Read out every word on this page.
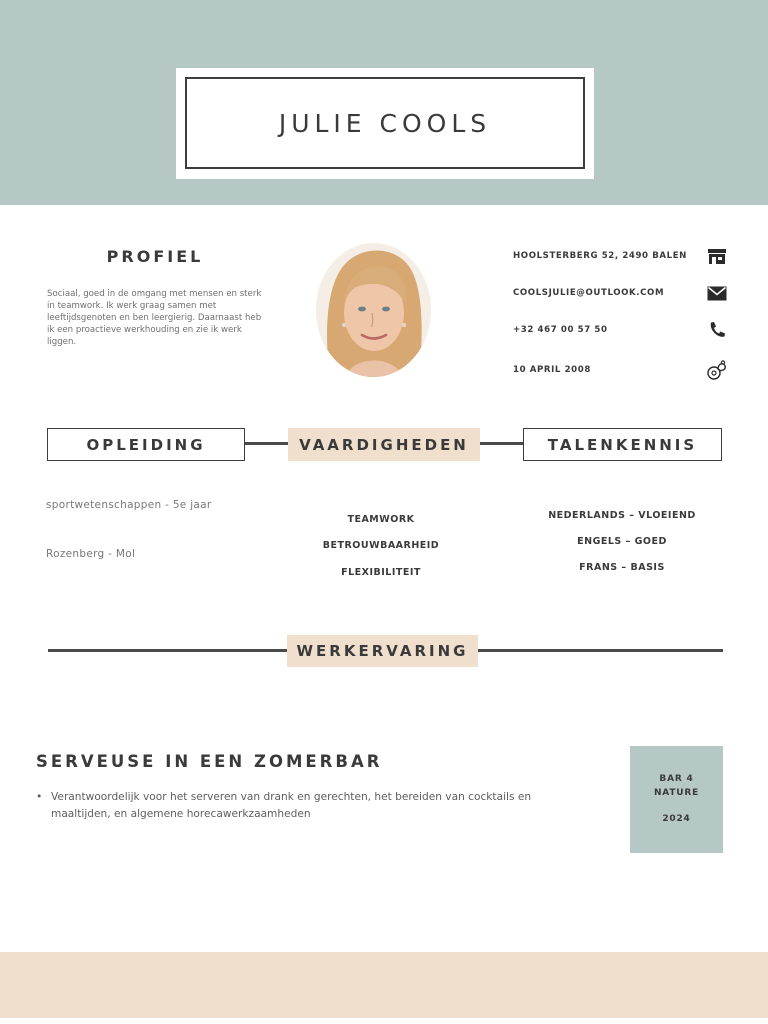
JULIE COOLS
PROFIEL

Sociaal, goed in de omgang met mensen en sterk in teamwork. Ik werk graag samen met leeftijdsgenoten en ben leergierig. Daarnaast heb ik een proactieve werkhouding en zie ik werk liggen.

HOOLSTERBERG 52, 2490 BALEN
COOLSJULIE@OUTLOOK.COM
+32 467 00 57 50
10 APRIL 2008
OPLEIDING	VAARDIGHEDEN	TALENKENNIS
sportwetenschappen - 5e jaar
Rozenberg - Mol
TEAMWORK
BETROUWBAARHEID
FLEXIBILITEIT
NEDERLANDS – VLOEIEND
ENGELS – GOED
FRANS – BASIS
WERKERVARING
SERVEUSE IN EEN ZOMERBAR
• Verantwoordelijk voor het serveren van drank en gerechten, het bereiden van cocktails en maaltijden, en algemene horecawerkzaamheden
BAR 4
NATURE
2024
